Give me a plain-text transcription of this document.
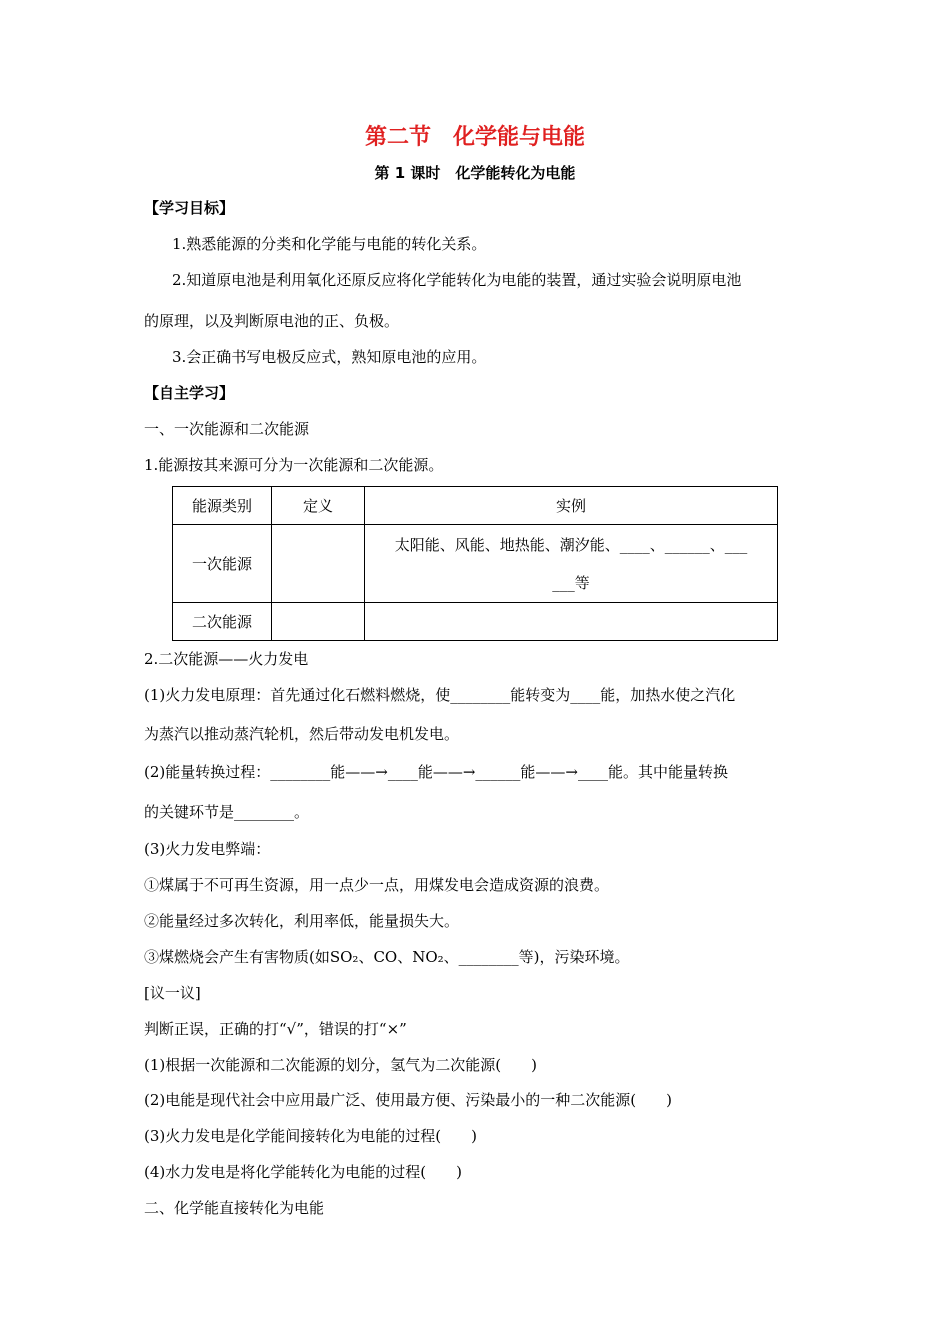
第二节　化学能与电能
第 1 课时　化学能转化为电能
【学习目标】
1.熟悉能源的分类和化学能与电能的转化关系。
2.知道原电池是利用氧化还原反应将化学能转化为电能的装置，通过实验会说明原电池
的原理，以及判断原电池的正、负极。
3.会正确书写电极反应式，熟知原电池的应用。
【自主学习】
一、一次能源和二次能源
1.能源按其来源可分为一次能源和二次能源。
能源类别	定义	实例
一次能源		太阳能、风能、地热能、潮汐能、____、______、___
___等

二次能源		
2.二次能源——火力发电
(1)火力发电原理：首先通过化石燃料燃烧，使________能转变为____能，加热水使之汽化
为蒸汽以推动蒸汽轮机，然后带动发电机发电。
(2)能量转换过程：________能——→____能——→______能——→____能。其中能量转换
的关键环节是________。
(3)火力发电弊端：
①煤属于不可再生资源，用一点少一点，用煤发电会造成资源的浪费。
②能量经过多次转化，利用率低，能量损失大。
③煤燃烧会产生有害物质(如SO₂、CO、NO₂、________等)，污染环境。
[议一议]
判断正误，正确的打“√”，错误的打“×”
(1)根据一次能源和二次能源的划分，氢气为二次能源(　　)
(2)电能是现代社会中应用最广泛、使用最方便、污染最小的一种二次能源(　　)
(3)火力发电是化学能间接转化为电能的过程(　　)
(4)水力发电是将化学能转化为电能的过程(　　)
二、化学能直接转化为电能
